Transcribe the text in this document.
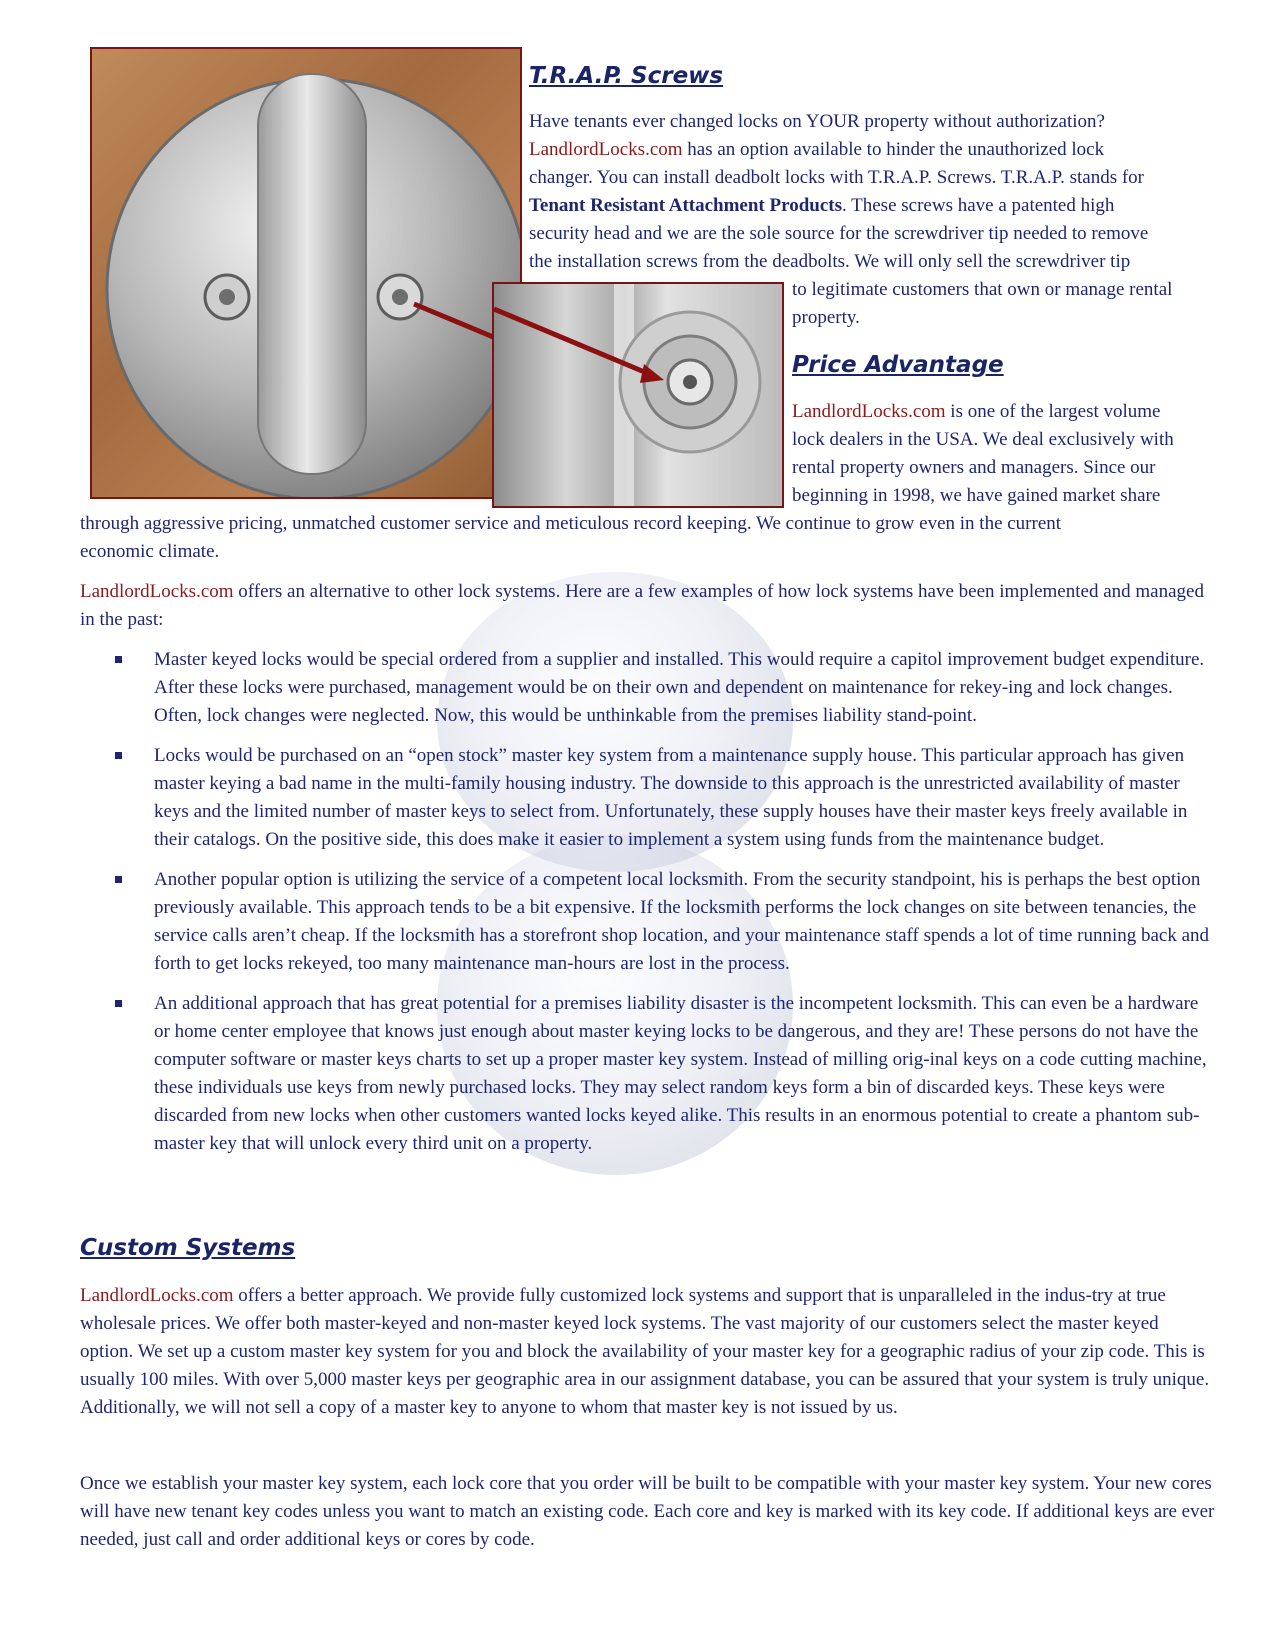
T.R.A.P. Screws
Have tenants ever changed locks on YOUR property without authorization?
LandlordLocks.com has an option available to hinder the unauthorized lock
changer. You can install deadbolt locks with T.R.A.P. Screws. T.R.A.P. stands for
Tenant Resistant Attachment Products. These screws have a patented high
security head and we are the sole source for the screwdriver tip needed to remove
the installation screws from the deadbolts. We will only sell the screwdriver tip
to legitimate customers that own or manage rental
property.
Price Advantage
LandlordLocks.com is one of the largest volume
lock dealers in the USA. We deal exclusively with
rental property owners and managers. Since our
beginning in 1998, we have gained market share
through aggressive pricing, unmatched customer service and meticulous record keeping. We continue to grow even in the current
economic climate.

LandlordLocks.com offers an alternative to other lock systems. Here are a few examples of how lock systems have been implemented and managed in the past:

Master keyed locks would be special ordered from a supplier and installed. This would require a capitol improvement budget expenditure. After these locks were purchased, management would be on their own and dependent on maintenance for rekey-ing and lock changes. Often, lock changes were neglected. Now, this would be unthinkable from the premises liability stand-point.
Locks would be purchased on an “open stock” master key system from a maintenance supply house. This particular approach has given master keying a bad name in the multi-family housing industry. The downside to this approach is the unrestricted availability of master keys and the limited number of master keys to select from. Unfortunately, these supply houses have their master keys freely available in their catalogs. On the positive side, this does make it easier to implement a system using funds from the maintenance budget.
Another popular option is utilizing the service of a competent local locksmith. From the security standpoint, his is perhaps the best option previously available. This approach tends to be a bit expensive. If the locksmith performs the lock changes on site between tenancies, the service calls aren’t cheap. If the locksmith has a storefront shop location, and your maintenance staff spends a lot of time running back and forth to get locks rekeyed, too many maintenance man-hours are lost in the process.
An additional approach that has great potential for a premises liability disaster is the incompetent locksmith. This can even be a hardware or home center employee that knows just enough about master keying locks to be dangerous, and they are! These persons do not have the computer software or master keys charts to set up a proper master key system. Instead of milling orig-inal keys on a code cutting machine, these individuals use keys from newly purchased locks. They may select random keys form a bin of discarded keys. These keys were discarded from new locks when other customers wanted locks keyed alike. This results in an enormous potential to create a phantom sub-master key that will unlock every third unit on a property.
Custom Systems

LandlordLocks.com offers a better approach. We provide fully customized lock systems and support that is unparalleled in the indus-try at true wholesale prices. We offer both master-keyed and non-master keyed lock systems. The vast majority of our customers select the master keyed option. We set up a custom master key system for you and block the availability of your master key for a geographic radius of your zip code. This is usually 100 miles. With over 5,000 master keys per geographic area in our assignment database, you can be assured that your system is truly unique. Additionally, we will not sell a copy of a master key to anyone to whom that master key is not issued by us.

Once we establish your master key system, each lock core that you order will be built to be compatible with your master key system. Your new cores will have new tenant key codes unless you want to match an existing code. Each core and key is marked with its key code. If additional keys are ever needed, just call and order additional keys or cores by code.
